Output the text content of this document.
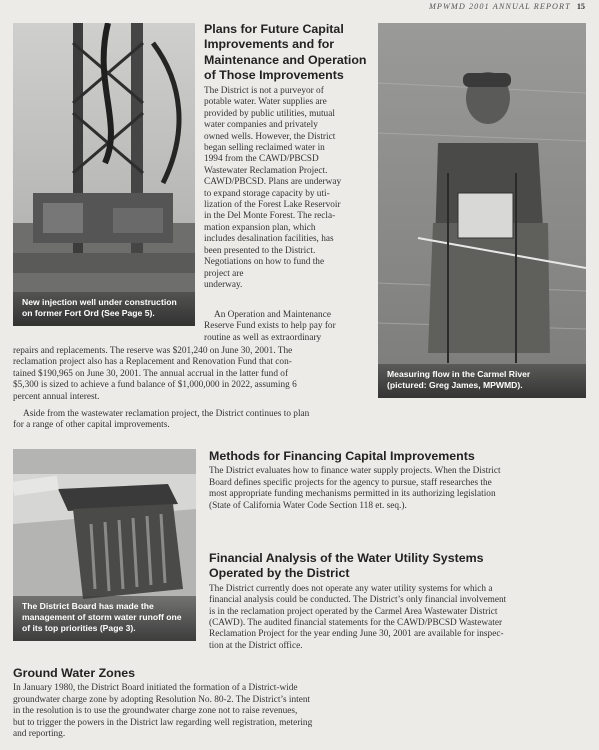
MPWMD 2001 ANNUAL REPORT 15
New injection well under construction
on former Fort Ord (See Page 5).
Measuring flow in the Carmel River
(pictured: Greg James, MPWMD).
The District Board has made the
management of storm water runoff one
of its top priorities (Page 3).
Plans for Future Capital
Improvements and for
Maintenance and Operation
of Those Improvements

The District is not a purveyor of
potable water. Water supplies are
provided by public utilities, mutual
water companies and privately
owned wells. However, the District
began selling reclaimed water in
1994 from the CAWD/PBCSD
Wastewater Reclamation Project.
CAWD/PBCSD. Plans are underway
to expand storage capacity by uti-
lization of the Forest Lake Reservoir
in the Del Monte Forest. The recla-
mation expansion plan, which
includes desalination facilities, has
been presented to the District.
Negotiations on how to fund the
project are
underway.

An Operation and Maintenance
Reserve Fund exists to help pay for
routine as well as extraordinary

repairs and replacements. The reserve was $201,240 on June 30, 2001. The
reclamation project also has a Replacement and Renovation Fund that con-
tained $190,965 on June 30, 2001. The annual accrual in the latter fund of
$5,300 is sized to achieve a fund balance of $1,000,000 in 2022, assuming 6
percent annual interest.

Aside from the wastewater reclamation project, the District continues to plan
for a range of other capital improvements.

Methods for Financing Capital Improvements

The District evaluates how to finance water supply projects. When the District
Board defines specific projects for the agency to pursue, staff researches the
most appropriate funding mechanisms permitted in its authorizing legislation
(State of California Water Code Section 118 et. seq.).

Financial Analysis of the Water Utility Systems
Operated by the District

The District currently does not operate any water utility systems for which a
financial analysis could be conducted. The District’s only financial involvement
is in the reclamation project operated by the Carmel Area Wastewater District
(CAWD). The audited financial statements for the CAWD/PBCSD Wastewater
Reclamation Project for the year ending June 30, 2001 are available for inspec-
tion at the District office.

Ground Water Zones

In January 1980, the District Board initiated the formation of a District-wide
groundwater charge zone by adopting Resolution No. 80-2. The District’s intent
in the resolution is to use the groundwater charge zone not to raise revenues,
but to trigger the powers in the District law regarding well registration, metering
and reporting.
